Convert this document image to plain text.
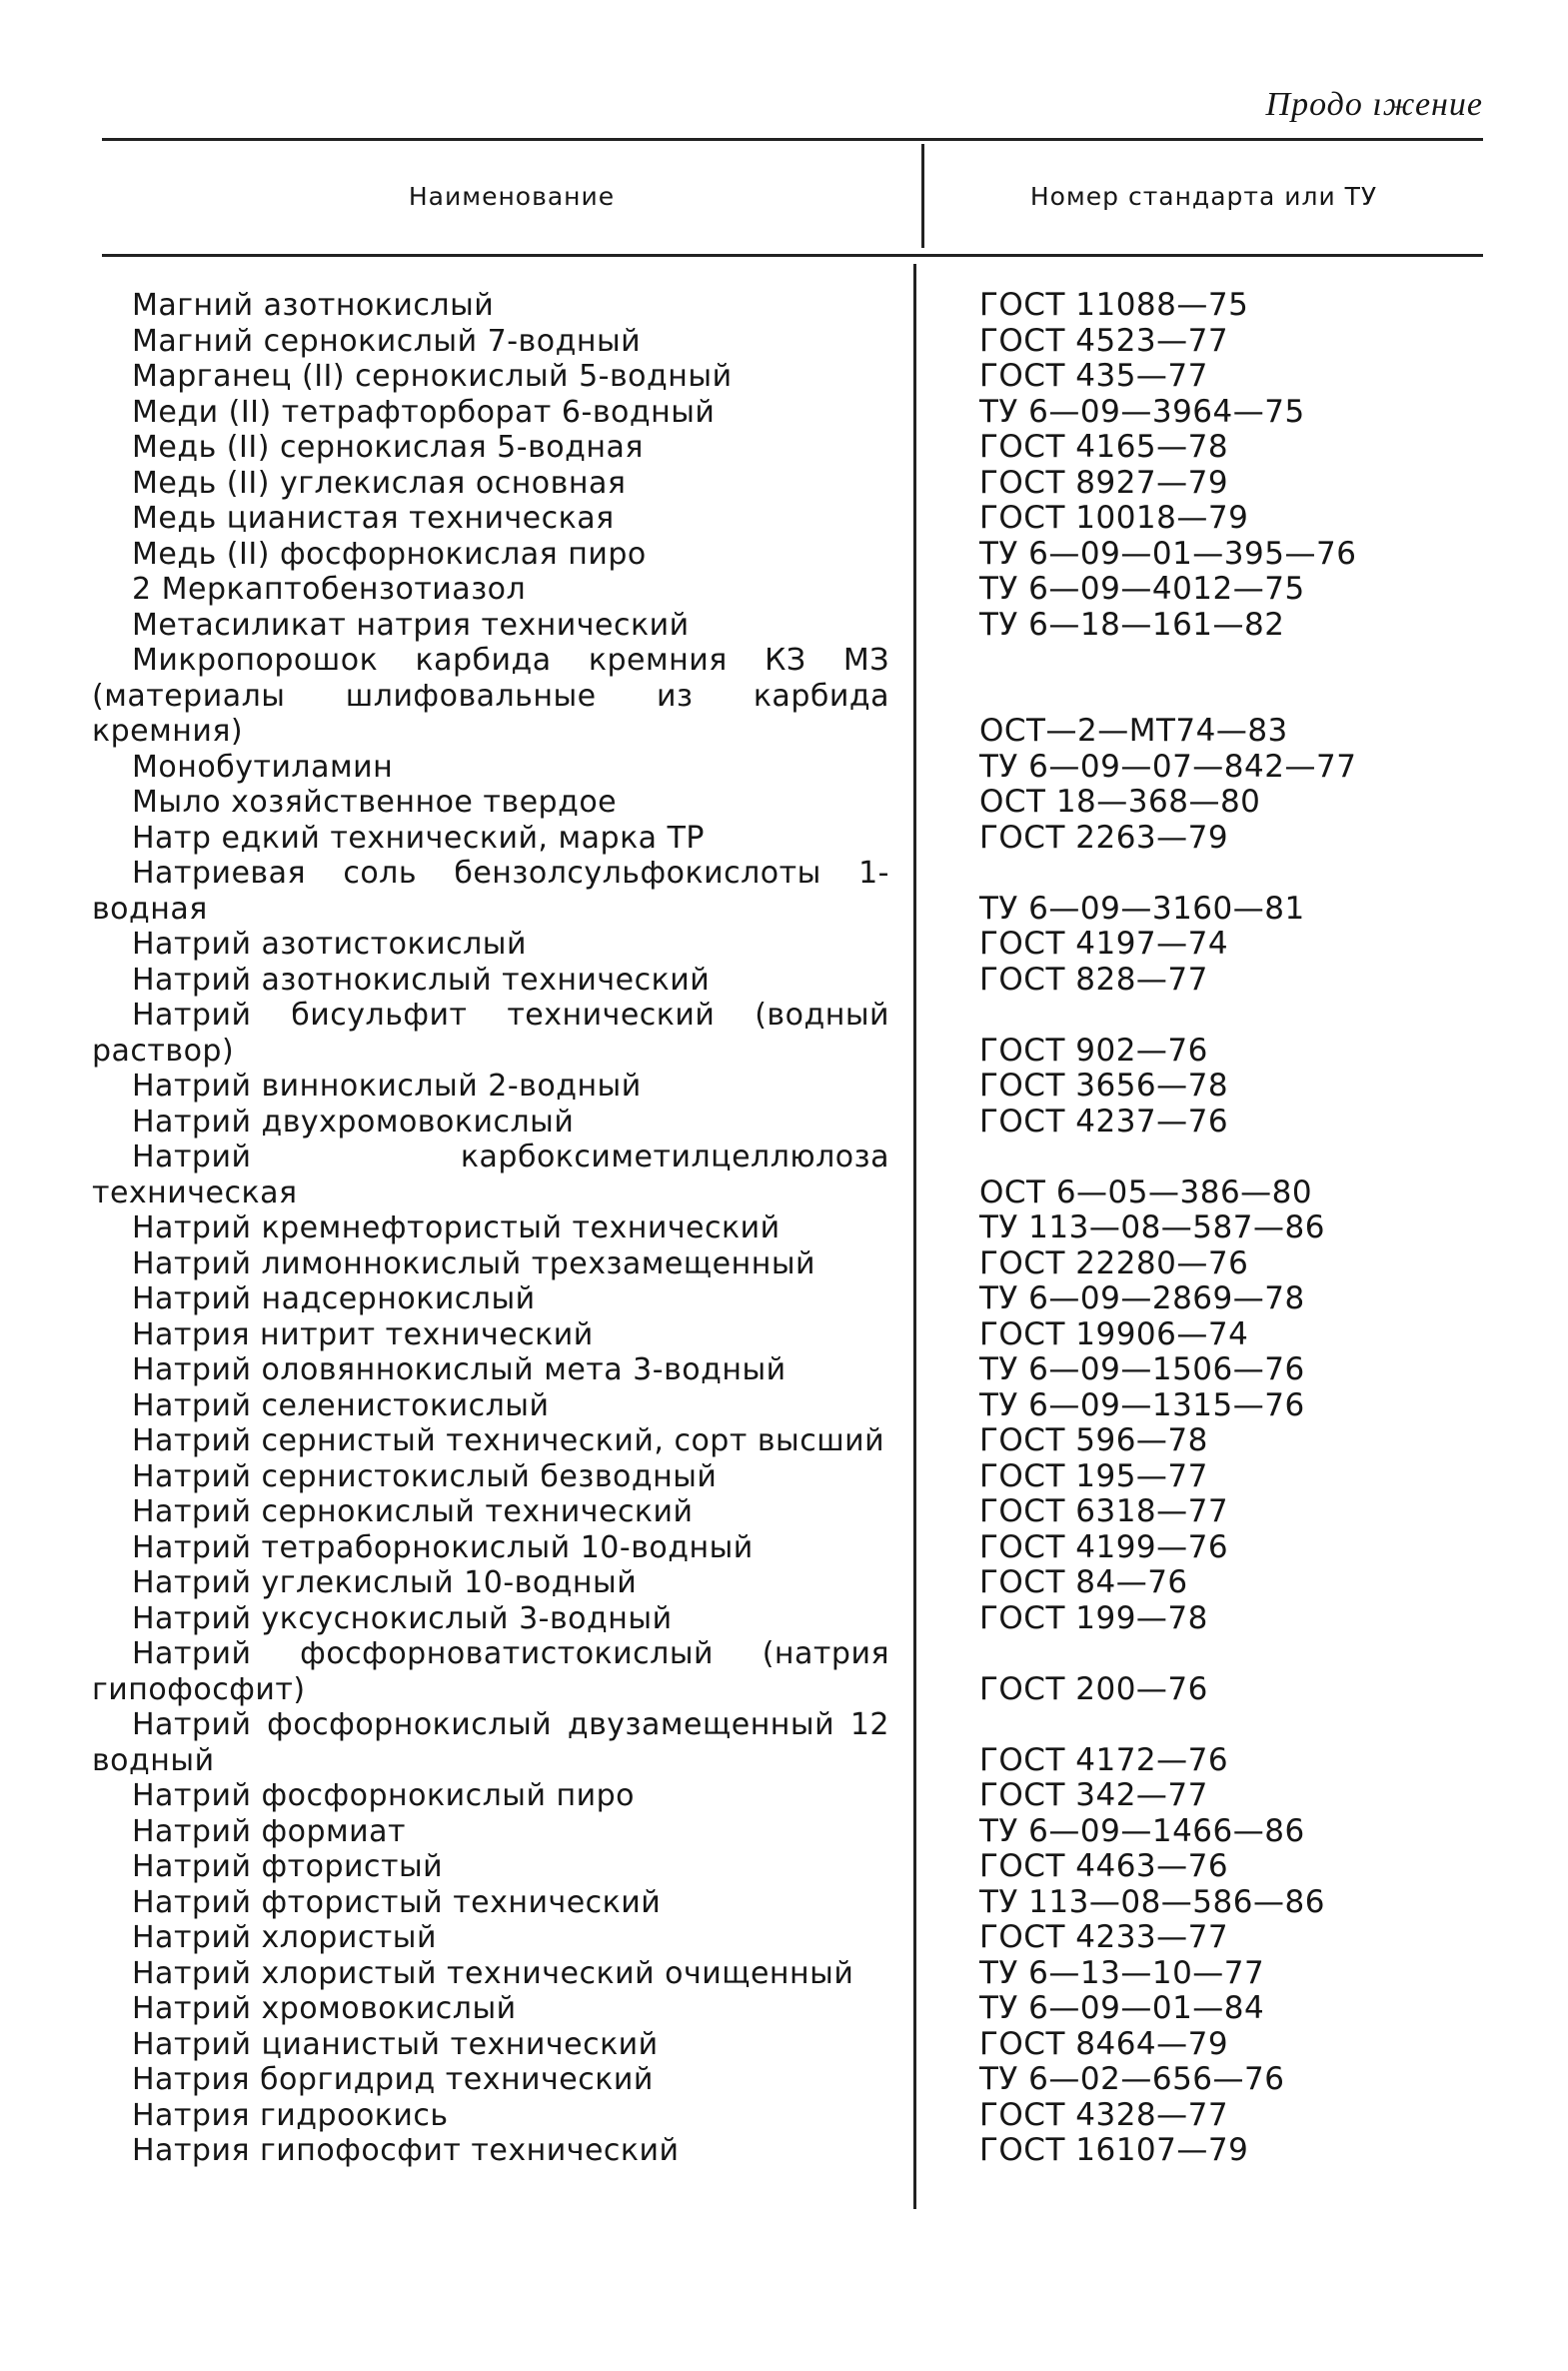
Продо ıжение
Наименование	Номер стандарта или ТУ
Магний азотнокислый	ГОСТ 11088—75
Магний сернокислый 7-водный	ГОСТ 4523—77
Марганец (II) сернокислый 5-водный	ГОСТ 435—77
Меди (II) тетрафторборат 6-водный	ТУ 6—09—3964—75
Медь (II) сернокислая 5-водная	ГОСТ 4165—78
Медь (II) углекислая основная	ГОСТ 8927—79
Медь цианистая техническая	ГОСТ 10018—79
Медь (II) фосфорнокислая пиро	ТУ 6—09—01—395—76
2 Меркаптобензотиазол	ТУ 6—09—4012—75
Метасиликат натрия технический	ТУ 6—18—161—82
Микропорошок карбида кремния КЗ МЗ (материалы шлифовальные из карбида кремния)	ОСТ—2—МТ74—83
Монобутиламин	ТУ 6—09—07—842—77
Мыло хозяйственное твердое	ОСТ 18—368—80
Натр едкий технический, марка ТР	ГОСТ 2263—79
Натриевая соль бензолсульфокислоты 1-водная	ТУ 6—09—3160—81
Натрий азотистокислый	ГОСТ 4197—74
Натрий азотнокислый технический	ГОСТ 828—77
Натрий бисульфит технический (водный раствор)	ГОСТ 902—76
Натрий виннокислый 2-водный	ГОСТ 3656—78
Натрий двухромовокислый	ГОСТ 4237—76
Натрий карбоксиметилцеллюлоза техническая	ОСТ 6—05—386—80
Натрий кремнефтористый технический	ТУ 113—08—587—86
Натрий лимоннокислый трехзамещенный	ГОСТ 22280—76
Натрий надсернокислый	ТУ 6—09—2869—78
Натрия нитрит технический	ГОСТ 19906—74
Натрий оловяннокислый мета 3-водный	ТУ 6—09—1506—76
Натрий селенистокислый	ТУ 6—09—1315—76
Натрий сернистый технический, сорт высший	ГОСТ 596—78
Натрий сернистокислый безводный	ГОСТ 195—77
Натрий сернокислый технический	ГОСТ 6318—77
Натрий тетраборнокислый 10-водный	ГОСТ 4199—76
Натрий углекислый 10-водный	ГОСТ 84—76
Натрий уксуснокислый 3-водный	ГОСТ 199—78
Натрий фосфорноватистокислый (натрия гипофосфит)	ГОСТ 200—76
Натрий фосфорнокислый двузамещенный 12 водный	ГОСТ 4172—76
Натрий фосфорнокислый пиро	ГОСТ 342—77
Натрий формиат	ТУ 6—09—1466—86
Натрий фтористый	ГОСТ 4463—76
Натрий фтористый технический	ТУ 113—08—586—86
Натрий хлористый	ГОСТ 4233—77
Натрий хлористый технический очищенный	ТУ 6—13—10—77
Натрий хромовокислый	ТУ 6—09—01—84
Натрий цианистый технический	ГОСТ 8464—79
Натрия боргидрид технический	ТУ 6—02—656—76
Натрия гидроокись	ГОСТ 4328—77
Натрия гипофосфит технический	ГОСТ 16107—79
